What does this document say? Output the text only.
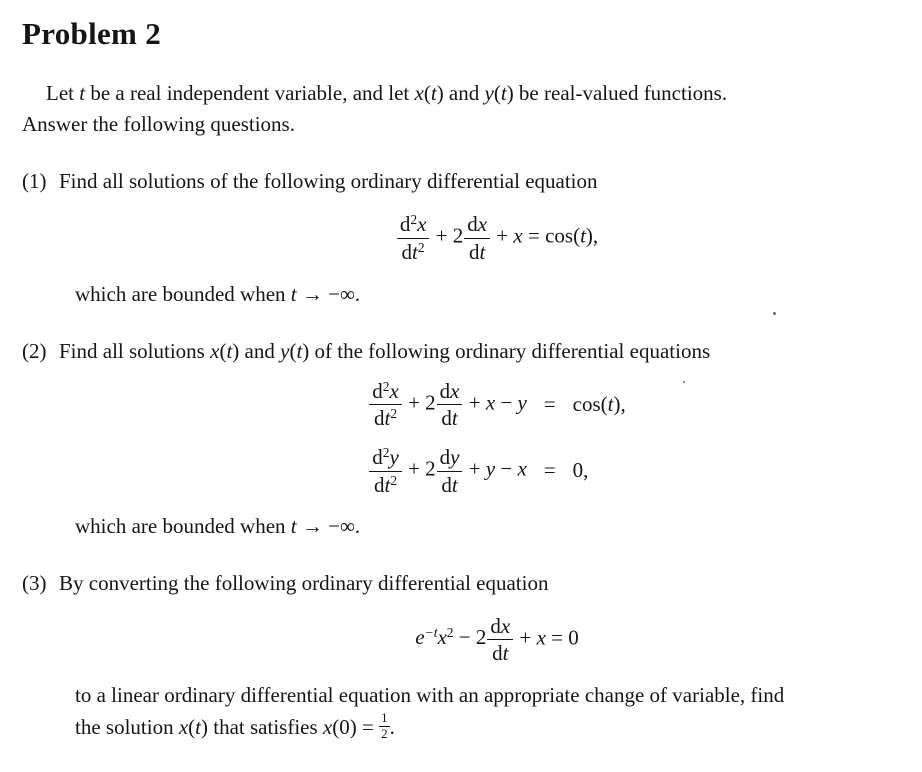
Problem 2

Let t be a real independent variable, and let x(t) and y(t) be real-valued functions.

Answer the following questions.

(1) Find all solutions of the following ordinary differential equation
$\frac{d^2x}{dt^2} + 2 \frac{dx}{dt} + x = \cos(t)$,
which are bounded when t → −∞.
(2) Find all solutions x(t) and y(t) of the following ordinary differential equations
$\frac{d^2x}{dt^2} + 2 \frac{dx}{dt} + x - y = \cos(t)$,
$\frac{d^2y}{dt^2} + 2 \frac{dy}{dt} + y - x = 0$,
which are bounded when t → −∞.
(3) By converting the following ordinary differential equation
$e^{-t}x^2 - 2 \frac{dx}{dt} + x = 0$

to a linear ordinary differential equation with an appropriate change of variable, find

the solution x(t) that satisfies $x(0) = \frac{1}{2}$ .
